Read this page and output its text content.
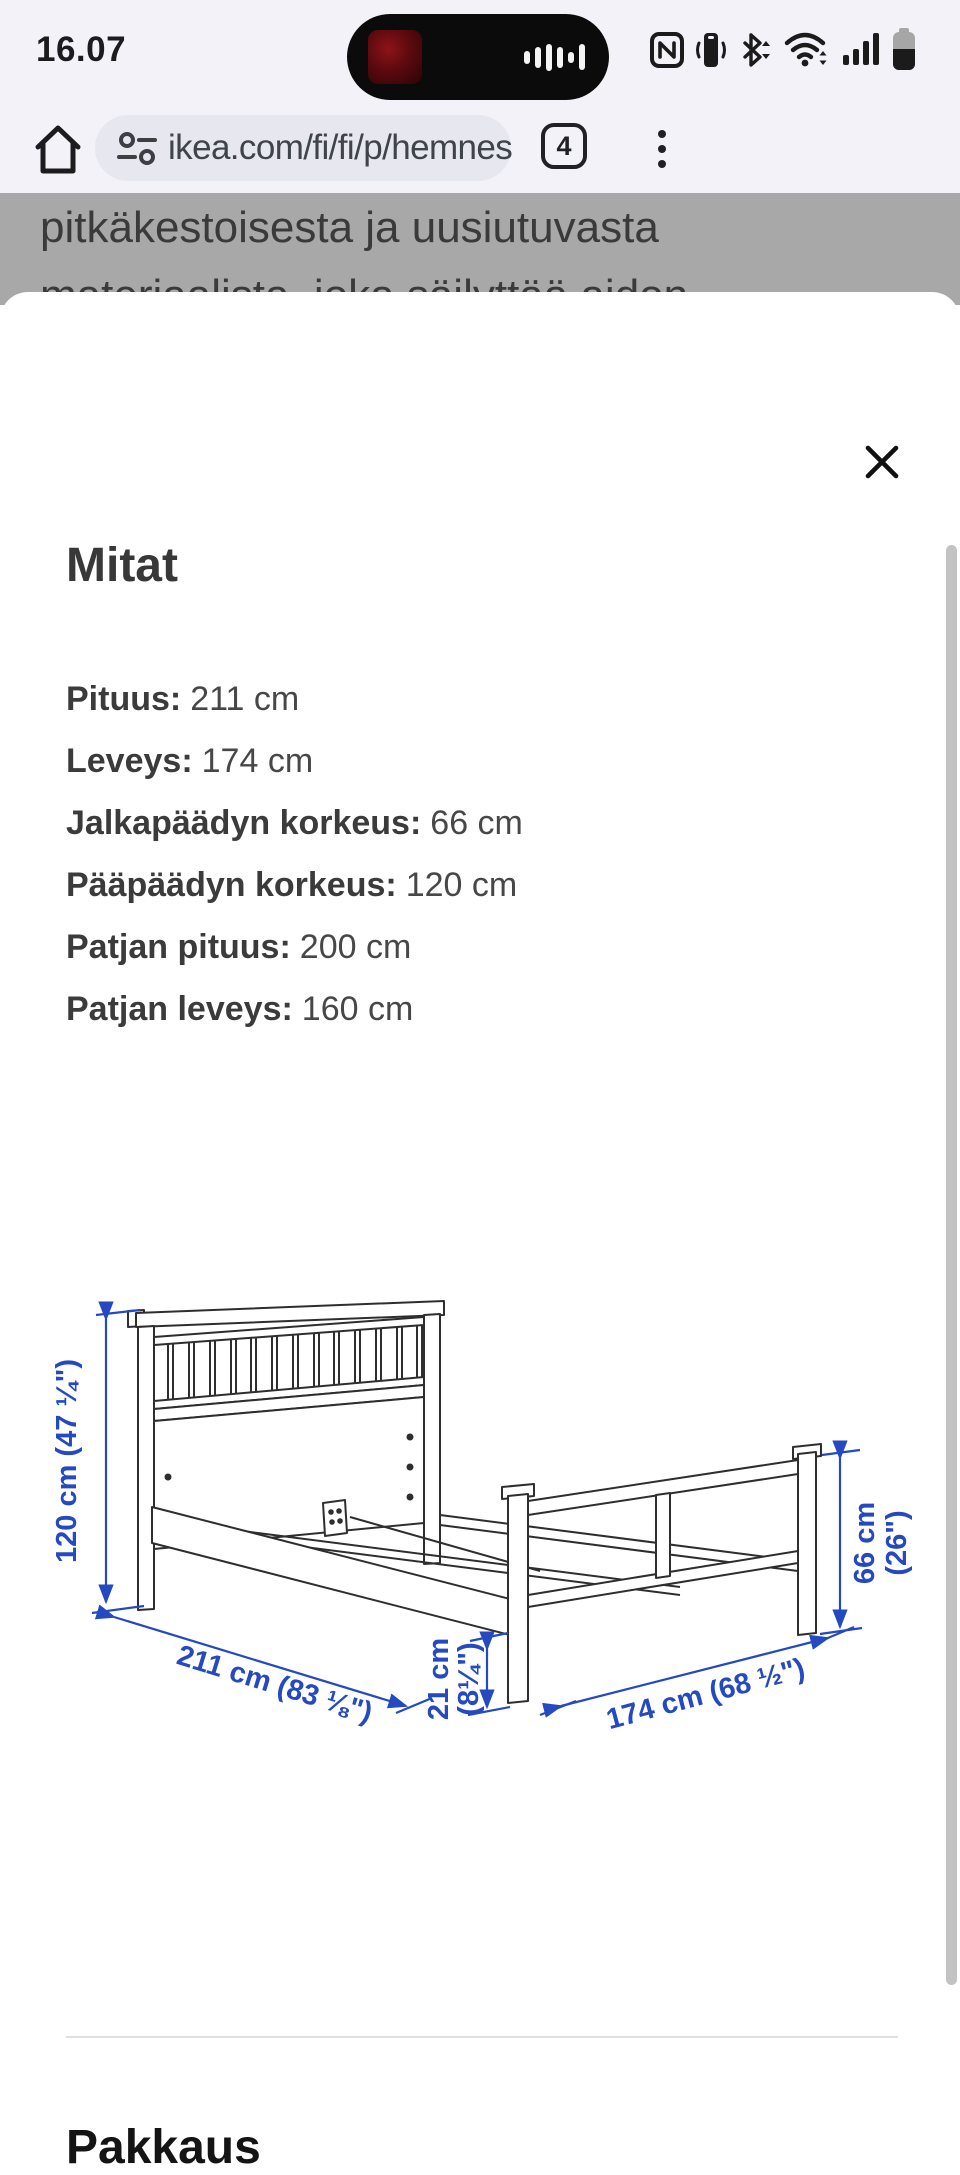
16.07
ikea.com/fi/fi/p/hemnes 4

pitkäkestoisesta ja uusiutuvasta

Mitat
Pituus: 211 cm
Leveys: 174 cm
Jalkapäädyn korkeus: 66 cm
Pääpäädyn korkeus: 120 cm
Patjan pituus: 200 cm
Patjan leveys: 160 cm
120 cm (47 ¼")
211 cm (83 ⅛") 21 cm
(8¼")	174 cm (68 ½")
66 cm (26")
Pakkaus
